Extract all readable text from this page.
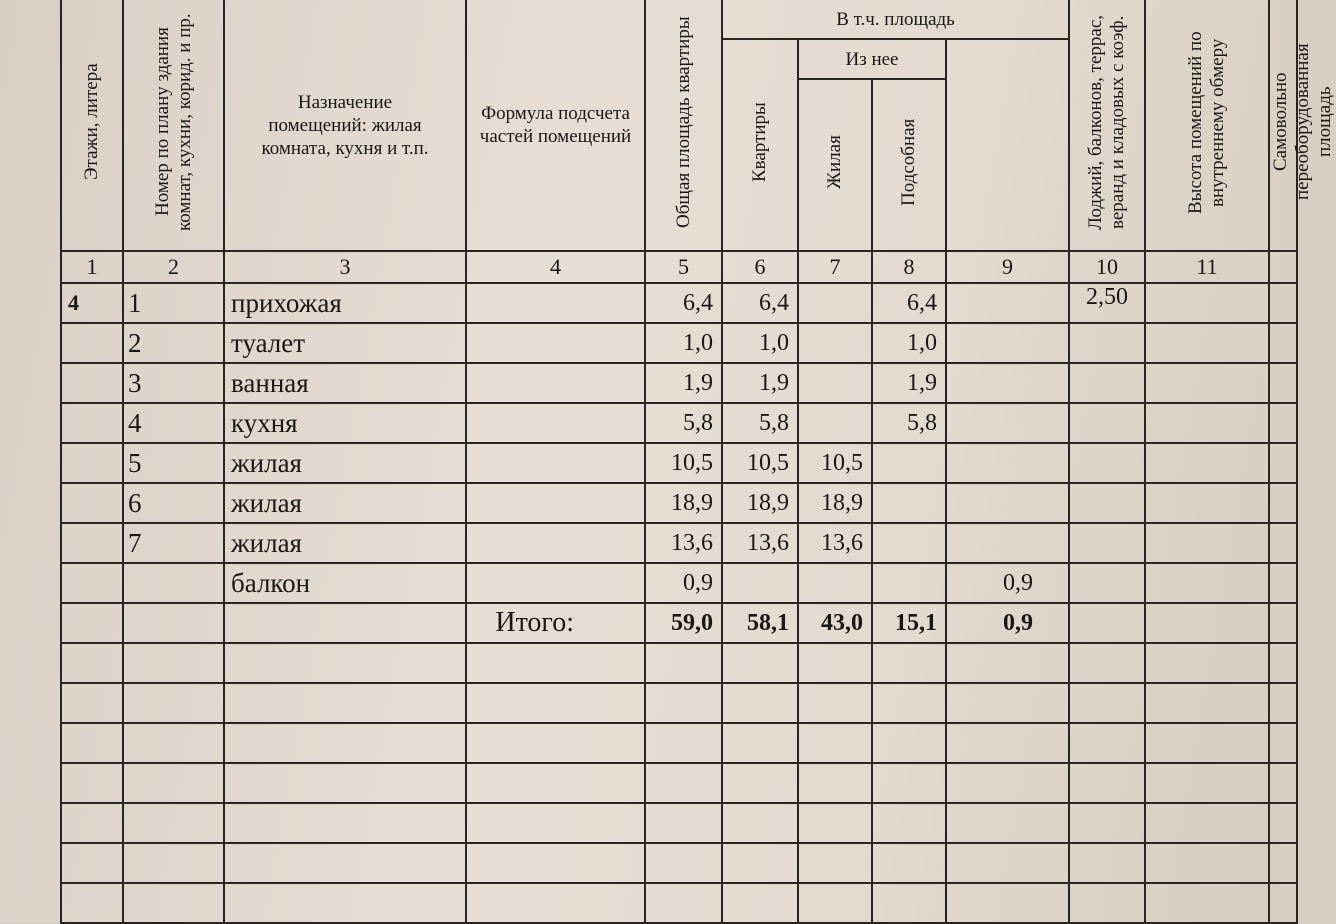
Этажи, литера	Номер по плану здания комнат, кухни, корид. и пр.	Назначение помещений: жилая комната, кухня и т.п.	Формула подсчета частей помещений	Общая площадь квартиры	В т.ч. площадь				Лоджий, балконов, террас, веранд и кладовых с коэф.	Высота помещений по внутреннему обмеру	Самовольно переоборудованная площадь	
					Квартиры	Из нее						
						Жилая	Подсобная					
1	2	3	4	5	6	7	8	9	10	11		
4	1	прихожая		6,4	6,4		6,4		2,50			
	2	туалет		1,0	1,0		1,0					
	3	ванная		1,9	1,9		1,9					
	4	кухня		5,8	5,8		5,8					
	5	жилая		10,5	10,5	10,5						
	6	жилая		18,9	18,9	18,9						
	7	жилая		13,6	13,6	13,6						
		балкон		0,9				0,9				
			Итого:	59,0	58,1	43,0	15,1	0,9				
